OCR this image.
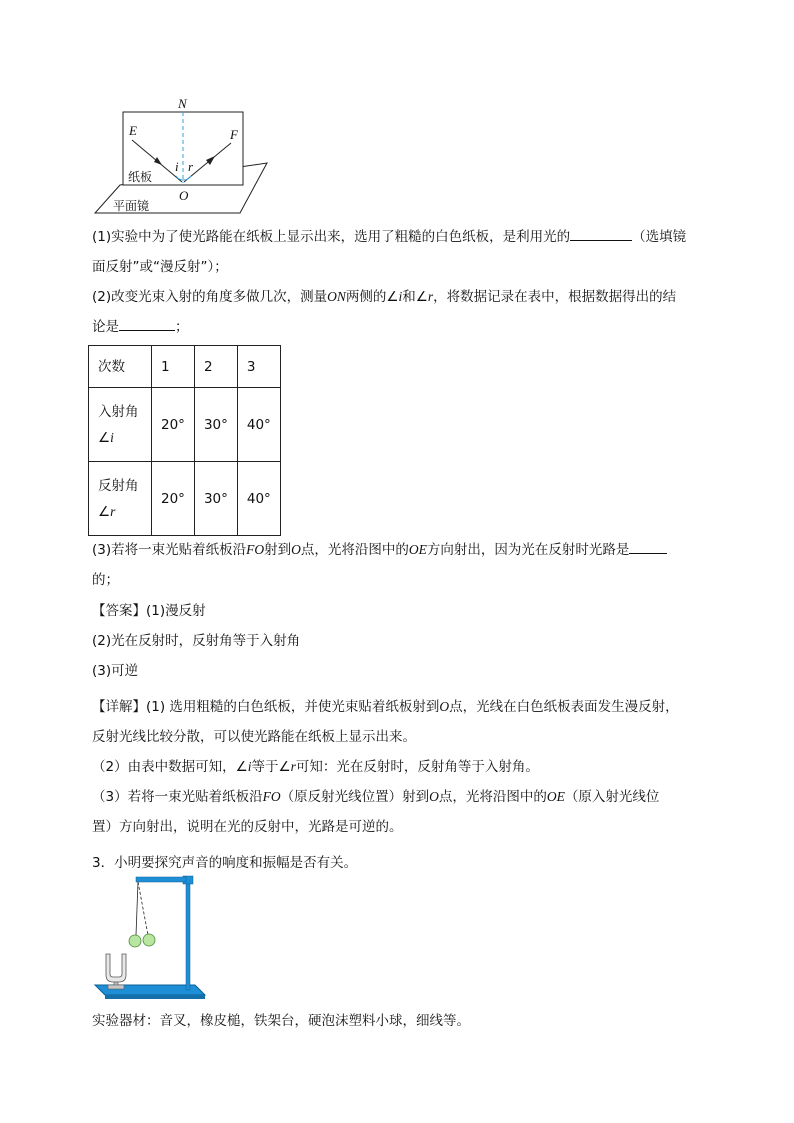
N
E	F
i r
O
纸板
平面镜

(1)实验中为了使光路能在纸板上显示出来，选用了粗糙的白色纸板，是利用光的	（选填镜
面反射”或“漫反射”）；

(2)改变光束入射的角度多做几次，测量ON两侧的∠i和∠r，将数据记录在表中，根据数据得出的结
论是	；

次数	1	2	3
入射角
∠i	20°	30°	40°
反射角
∠r	20°	30°	40°

(3)若将一束光贴着纸板沿FO射到O点，光将沿图中的OE方向射出，因为光在反射时光路是
的；

【答案】(1)漫反射
(2)光在反射时，反射角等于入射角
(3)可逆

【详解】(1) 选用粗糙的白色纸板，并使光束贴着纸板射到O点，光线在白色纸板表面发生漫反射，
反射光线比较分散，可以使光路能在纸板上显示出来。
（2）由表中数据可知，∠i等于∠r可知：光在反射时，反射角等于入射角。
（3）若将一束光贴着纸板沿FO（原反射光线位置）射到O点，光将沿图中的OE（原入射光线位
置）方向射出，说明在光的反射中，光路是可逆的。

3．小明要探究声音的响度和振幅是否有关。

实验器材：音叉，橡皮槌，铁架台，硬泡沫塑料小球，细线等。
